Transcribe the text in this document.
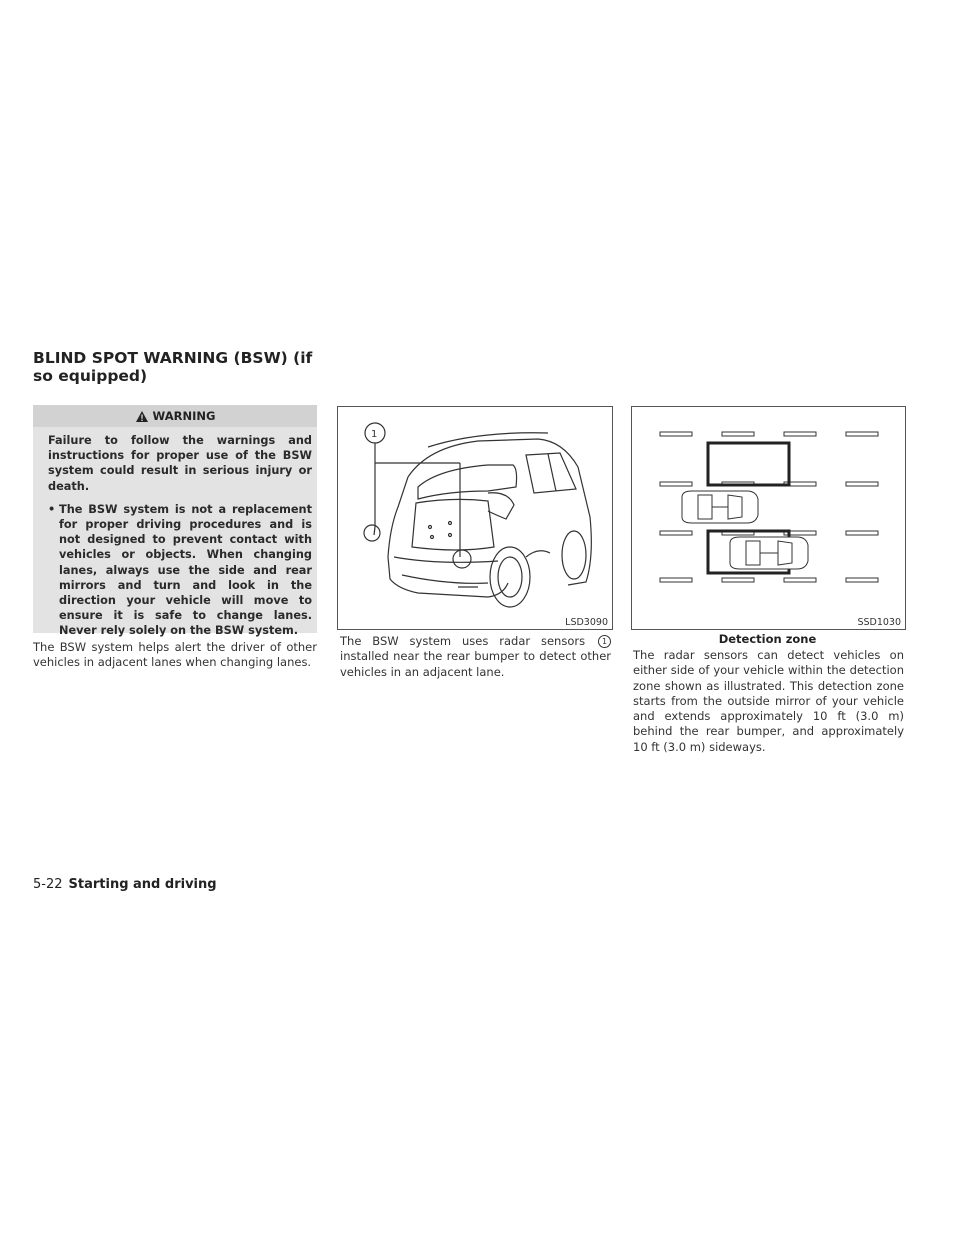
BLIND SPOT WARNING (BSW) (if so equipped)
WARNING

Failure to follow the warnings and instructions for proper use of the BSW system could result in serious injury or death.

• The BSW system is not a replacement for proper driving procedures and is not designed to prevent contact with vehicles or objects. When changing lanes, always use the side and rear mirrors and turn and look in the direction your vehicle will move to ensure it is safe to change lanes. Never rely solely on the BSW system.
The BSW system helps alert the driver of other vehicles in adjacent lanes when changing lanes.
1
LSD3090
The BSW system uses radar sensors 1 installed near the rear bumper to detect other vehicles in an adjacent lane.
SSD1030
Detection zone
The radar sensors can detect vehicles on either side of your vehicle within the detection zone shown as illustrated. This detection zone starts from the outside mirror of your vehicle and extends approximately 10 ft (3.0 m) behind the rear bumper, and approximately 10 ft (3.0 m) sideways.
5-22 Starting and driving
